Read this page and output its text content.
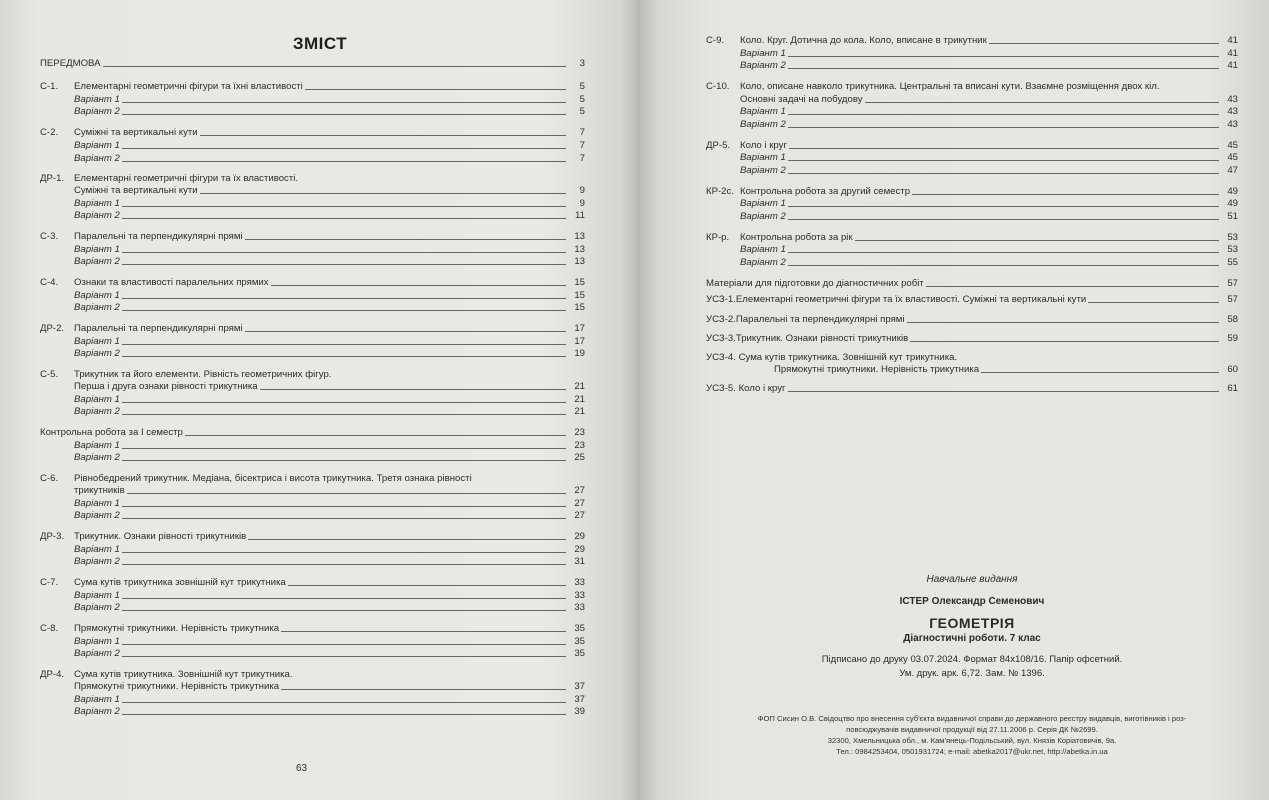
ЗМІСТ
ПЕРЕДМОВА	3
С-1.	Елементарні геометричні фігури та їхні властивості	5
Варіант 1	5
Варіант 2	5
С-2.	Суміжні та вертикальні кути	7
Варіант 1	7
Варіант 2	7
ДР-1.	Елементарні геометричні фігури та їх властивості.
Суміжні та вертикальні кути	9
Варіант 1	9
Варіант 2	11
С-3.	Паралельні та перпендикулярні прямі	13
Варіант 1	13
Варіант 2	13
С-4.	Ознаки та властивості паралельних прямих	15
Варіант 1	15
Варіант 2	15
ДР-2.	Паралельні та перпендикулярні прямі	17
Варіант 1	17
Варіант 2	19
С-5.	Трикутник та його елементи. Рівність геометричних фігур.
Перша і друга ознаки рівності трикутника	21
Варіант 1	21
Варіант 2	21
Контрольна робота за І семестр	23
Варіант 1	23
Варіант 2	25
С-6.	Рівнобедрений трикутник. Медіана, бісектриса і висота трикутника. Третя ознака рівності
трикутників	27
Варіант 1	27
Варіант 2	27
ДР-3.	Трикутник. Ознаки рівності трикутників	29
Варіант 1	29
Варіант 2	31
С-7.	Сума кутів трикутника зовнішній кут трикутника	33
Варіант 1	33
Варіант 2	33
С-8.	Прямокутні трикутники. Нерівність трикутника	35
Варіант 1	35
Варіант 2	35
ДР-4.	Сума кутів трикутника. Зовнішній кут трикутника.
Прямокутні трикутники. Нерівність трикутника	37
Варіант 1	37
Варіант 2	39
63
С-9.	Коло. Круг. Дотична до кола. Коло, вписане в трикутник	41
Варіант 1	41
Варіант 2	41
С-10.	Коло, описане навколо трикутника. Центральні та вписані кути. Взаємне розміщення двох кіл.
Основні задачі на побудову	43
Варіант 1	43
Варіант 2	43
ДР-5.	Коло і круг	45
Варіант 1	45
Варіант 2	47
КР-2с. Контрольна робота за другий семестр	49
Варіант 1	49
Варіант 2	51
КР-р.	Контрольна робота за рік	53
Варіант 1	53
Варіант 2	55
Матеріали для підготовки до діагностичних робіт	57
УСЗ-1.Елементарні геометричні фігури та їх властивості. Суміжні та вертикальні кути	57
УСЗ-2.Паралельні та перпендикулярні прямі	58
УСЗ-3.Трикутник. Ознаки рівності трикутників	59
УСЗ-4. Сума кутів трикутника. Зовнішній кут трикутника.
Прямокутні трикутники. Нерівність трикутника	60
УСЗ-5. Коло і круг	61
Навчальне видання
ІСТЕР Олександр Семенович
ГЕОМЕТРІЯ
Діагностичні роботи. 7 клас
Підписано до друку 03.07.2024. Формат 84х108/16. Папір офсетний.
Ум. друк. арк. 6,72. Зам. № 1396.
ФОП Сисин О.В. Свідоцтво про внесення суб'єкта видавничої справи до державного реєстру видавців, виготівників і роз-
повсюджувачів видавничої продукції від 27.11.2006 р. Серія ДК №2699.
32300, Хмельницька обл., м. Кам'янець-Подільський, вул. Князів Коріатовичів, 9а.
Тел.: 0984253404, 0501931724; e-mail: abetka2017@ukr.net, http://abetka.in.ua
